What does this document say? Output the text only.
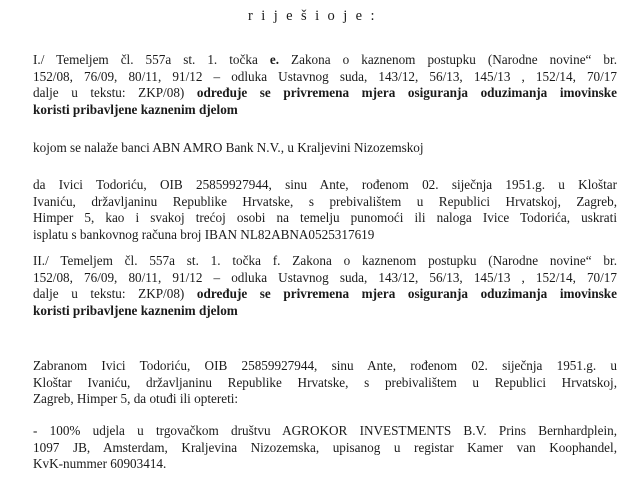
r i j e š i o j e :
I./ Temeljem čl. 557a st. 1. točka e. Zakona o kaznenom postupku (Narodne novine“ br.
152/08, 76/09, 80/11, 91/12 – odluka Ustavnog suda, 143/12, 56/13, 145/13 , 152/14, 70/17
dalje u tekstu: ZKP/08) određuje se privremena mjera osiguranja oduzimanja imovinske
koristi pribavljene kaznenim djelom
kojom se nalaže banci ABN AMRO Bank N.V., u Kraljevini Nizozemskoj
da Ivici Todoriću, OIB 25859927944, sinu Ante, rođenom 02. siječnja 1951.g. u Kloštar
Ivaniću, državljaninu Republike Hrvatske, s prebivalištem u Republici Hrvatskoj, Zagreb,
Himper 5, kao i svakoj trećoj osobi na temelju punomoći ili naloga Ivice Todorića, uskrati
isplatu s bankovnog računa broj IBAN NL82ABNA0525317619
II./ Temeljem čl. 557a st. 1. točka f. Zakona o kaznenom postupku (Narodne novine“ br.
152/08, 76/09, 80/11, 91/12 – odluka Ustavnog suda, 143/12, 56/13, 145/13 , 152/14, 70/17
dalje u tekstu: ZKP/08) određuje se privremena mjera osiguranja oduzimanja imovinske
koristi pribavljene kaznenim djelom
Zabranom Ivici Todoriću, OIB 25859927944, sinu Ante, rođenom 02. siječnja 1951.g. u
Kloštar Ivaniću, državljaninu Republike Hrvatske, s prebivalištem u Republici Hrvatskoj,
Zagreb, Himper 5, da otuđi ili optereti:
- 100% udjela u trgovačkom društvu AGROKOR INVESTMENTS B.V. Prins Bernhardplein,
1097 JB, Amsterdam, Kraljevina Nizozemska, upisanog u registar Kamer van Koophandel,
KvK-nummer 60903414.
